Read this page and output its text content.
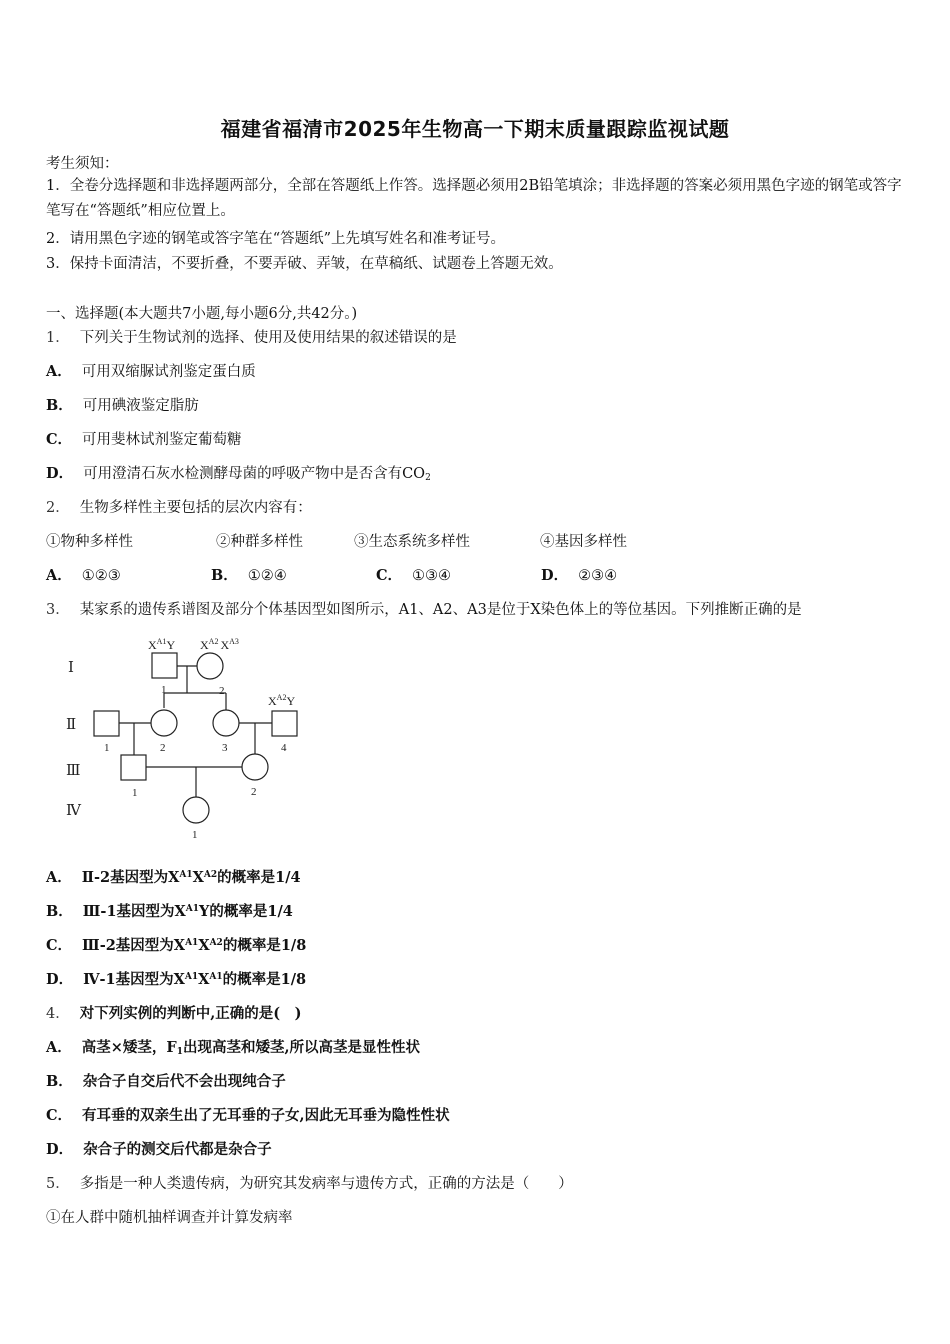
福建省福清市2025年生物高一下期末质量跟踪监视试题
考生须知：
1．全卷分选择题和非选择题两部分，全部在答题纸上作答。选择题必须用2B铅笔填涂；非选择题的答案必须用黑色字迹的钢笔或答字笔写在“答题纸”相应位置上。
2．请用黑色字迹的钢笔或答字笔在“答题纸”上先填写姓名和准考证号。
3．保持卡面清洁，不要折叠，不要弄破、弄皱，在草稿纸、试题卷上答题无效。
一、选择题(本大题共7小题,每小题6分,共42分。)
1． 下列关于生物试剂的选择、使用及使用结果的叙述错误的是
A． 可用双缩脲试剂鉴定蛋白质
B． 可用碘液鉴定脂肪
C． 可用斐林试剂鉴定葡萄糖
D． 可用澄清石灰水检测酵母菌的呼吸产物中是否含有$CO_2$
2． 生物多样性主要包括的层次内容有：
①物种多样性	②种群多样性	③生态系统多样性	④基因多样性
A． ①②③	B． ①②④	C． ①③④	D． ②③④
3． 某家系的遗传系谱图及部分个体基因型如图所示，A1、A2、A3是位于X染色体上的等位基因。下列推断正确的是
Ⅰ
Ⅱ
Ⅲ
Ⅳ
$X^{A1}Y$ $X^{A2}$ $X^{A3}$
$X^{A2}Y$
1	2
1	2	3	4
1	2
1
A． Ⅱ-2基因型为$X^{A1}X^{A2}$的概率是1/4
B． Ⅲ-1基因型为$X^{A1}Y$的概率是1/4
C． Ⅲ-2基因型为$X^{A1}X^{A2}$的概率是1/8
D． Ⅳ-1基因型为$X^{A1}X^{A1}$的概率是1/8
4． 对下列实例的判断中,正确的是(　)
A． 高茎×矮茎，$F_1$出现高茎和矮茎,所以高茎是显性性状
B． 杂合子自交后代不会出现纯合子
C． 有耳垂的双亲生出了无耳垂的子女,因此无耳垂为隐性性状
D． 杂合子的测交后代都是杂合子
5． 多指是一种人类遗传病，为研究其发病率与遗传方式，正确的方法是（　　）
①在人群中随机抽样调查并计算发病率
